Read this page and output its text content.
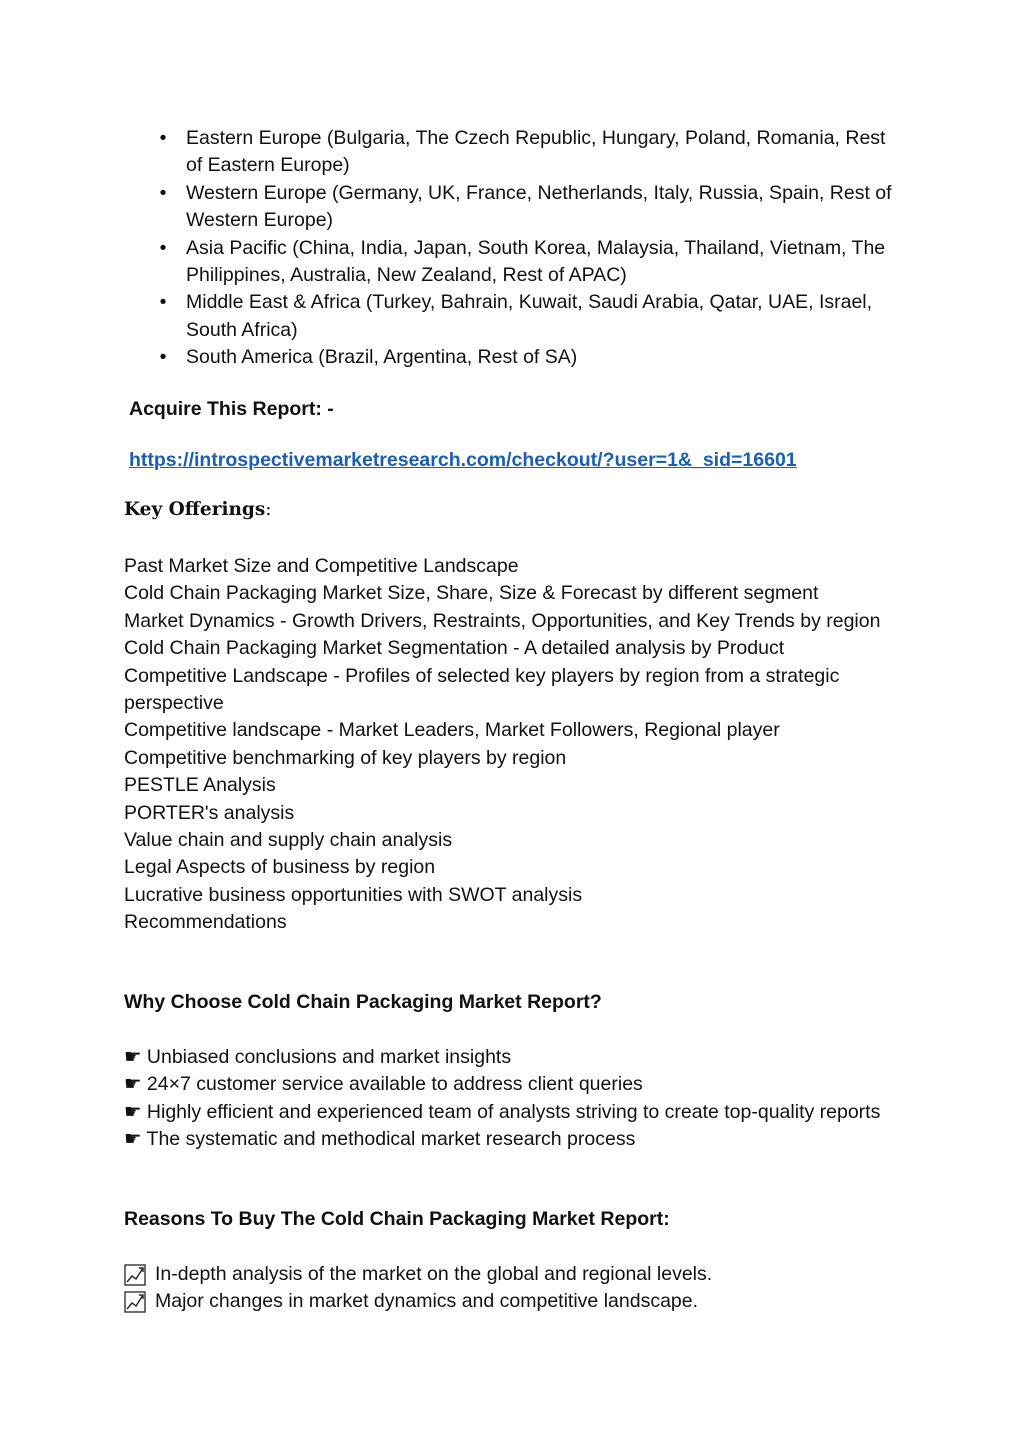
• Eastern Europe (Bulgaria, The Czech Republic, Hungary, Poland, Romania, Rest of Eastern Europe)
• Western Europe (Germany, UK, France, Netherlands, Italy, Russia, Spain, Rest of Western Europe)
• Asia Pacific (China, India, Japan, South Korea, Malaysia, Thailand, Vietnam, The Philippines, Australia, New Zealand, Rest of APAC)
• Middle East & Africa (Turkey, Bahrain, Kuwait, Saudi Arabia, Qatar, UAE, Israel, South Africa)
• South America (Brazil, Argentina, Rest of SA)
Acquire This Report: -
https://introspectivemarketresearch.com/checkout/?user=1&_sid=16601
Key Offerings:
Past Market Size and Competitive Landscape
Cold Chain Packaging Market Size, Share, Size & Forecast by different segment
Market Dynamics - Growth Drivers, Restraints, Opportunities, and Key Trends by region
Cold Chain Packaging Market Segmentation - A detailed analysis by Product
Competitive Landscape - Profiles of selected key players by region from a strategic perspective
Competitive landscape - Market Leaders, Market Followers, Regional player
Competitive benchmarking of key players by region
PESTLE Analysis
PORTER's analysis
Value chain and supply chain analysis
Legal Aspects of business by region
Lucrative business opportunities with SWOT analysis
Recommendations
Why Choose Cold Chain Packaging Market Report?
☛ Unbiased conclusions and market insights
☛ 24×7 customer service available to address client queries
☛ Highly efficient and experienced team of analysts striving to create top-quality reports
☛ The systematic and methodical market research process
Reasons To Buy The Cold Chain Packaging Market Report:
In-depth analysis of the market on the global and regional levels.
Major changes in market dynamics and competitive landscape.
